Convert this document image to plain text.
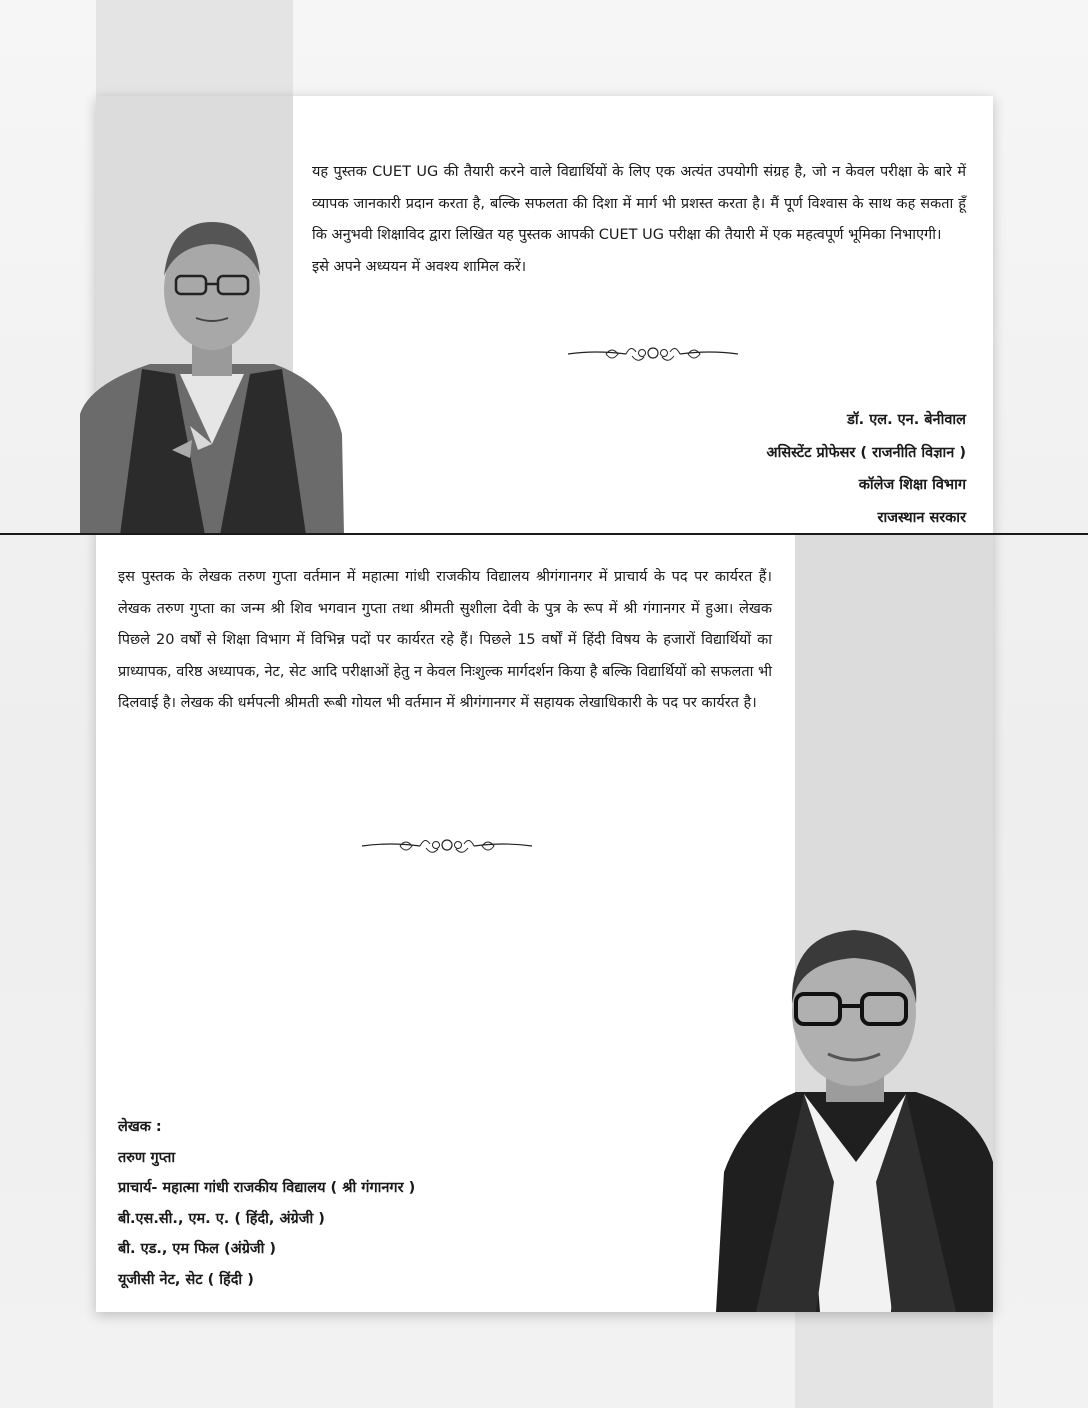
यह पुस्तक CUET UG की तैयारी करने वाले विद्यार्थियों के लिए एक अत्यंत उपयोगी संग्रह है, जो न केवल परीक्षा के बारे में व्यापक जानकारी प्रदान करता है, बल्कि सफलता की दिशा में मार्ग भी प्रशस्त करता है। मैं पूर्ण विश्वास के साथ कह सकता हूँ कि अनुभवी शिक्षाविद द्वारा लिखित यह पुस्तक आपकी CUET UG परीक्षा की तैयारी में एक महत्वपूर्ण भूमिका निभाएगी।
इसे अपने अध्ययन में अवश्य शामिल करें।

डॉ. एल. एन. बेनीवाल
असिस्टेंट प्रोफेसर ( राजनीति विज्ञान )
कॉलेज शिक्षा विभाग
राजस्थान सरकार

इस पुस्तक के लेखक तरुण गुप्ता वर्तमान में महात्मा गांधी राजकीय विद्यालय श्रीगंगानगर में प्राचार्य के पद पर कार्यरत हैं। लेखक तरुण गुप्ता का जन्म श्री शिव भगवान गुप्ता तथा श्रीमती सुशीला देवी के पुत्र के रूप में श्री गंगानगर में हुआ। लेखक पिछले 20 वर्षों से शिक्षा विभाग में विभिन्न पदों पर कार्यरत रहे हैं। पिछले 15 वर्षों में हिंदी विषय के हजारों विद्यार्थियों का प्राध्यापक, वरिष्ठ अध्यापक, नेट, सेट आदि परीक्षाओं हेतु न केवल निःशुल्क मार्गदर्शन किया है बल्कि विद्यार्थियों को सफलता भी दिलवाई है। लेखक की धर्मपत्नी श्रीमती रूबी गोयल भी वर्तमान में श्रीगंगानगर में सहायक लेखाधिकारी के पद पर कार्यरत है।

लेखक :
तरुण गुप्ता
प्राचार्य- महात्मा गांधी राजकीय विद्यालय ( श्री गंगानगर )
बी.एस.सी., एम. ए. ( हिंदी, अंग्रेजी )
बी. एड., एम फिल (अंग्रेजी )
यूजीसी नेट, सेट ( हिंदी )
